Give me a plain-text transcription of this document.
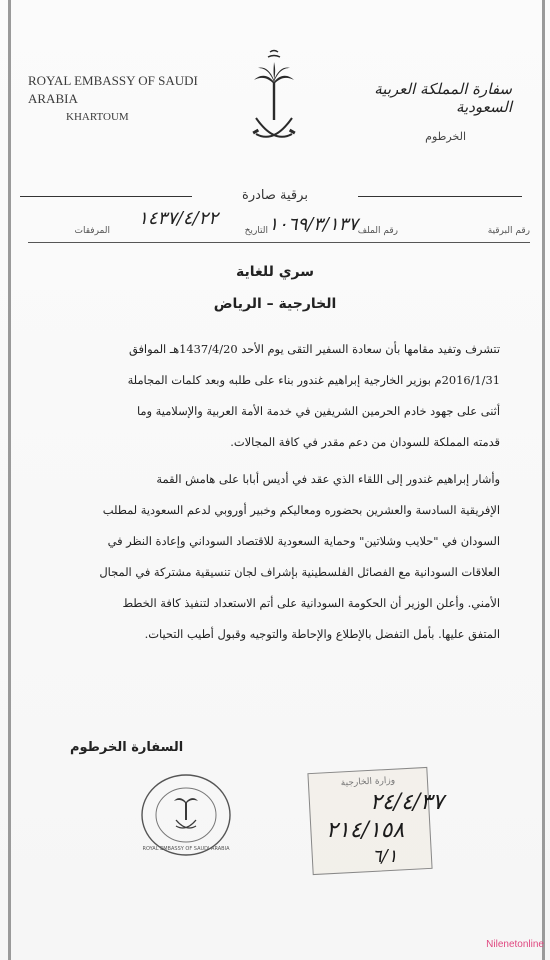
ROYAL EMBASSY OF SAUDI ARABIA
KHARTOUM
سفارة المملكة العربية السعودية
الخرطوم
برقية صادرة
رقم البرقية
١٠٦٩/٣/١٣٧ رقم الملف
التاريخ
١٤٣٧/٤/٢٢
المرفقات
سري للغاية
الخارجية – الرياض
تتشرف وتفيد مقامها بأن سعادة السفير التقى يوم الأحد 1437/4/20هـ الموافق
2016/1/31م بوزير الخارجية إبراهيم غندور بناء على طلبه وبعد كلمات المجاملة
أثنى على جهود خادم الحرمين الشريفين في خدمة الأمة العربية والإسلامية وما
قدمته المملكة للسودان من دعم مقدر في كافة المجالات.
وأشار إبراهيم غندور إلى اللقاء الذي عقد في أديس أبابا على هامش القمة
الإفريقية السادسة والعشرين بحضوره ومعاليكم وخبير أوروبي لدعم السعودية لمطلب
السودان في "حلايب وشلاتين" وحماية السعودية للاقتصاد السوداني وإعادة النظر في
العلاقات السودانية مع الفصائل الفلسطينية بإشراف لجان تنسيقية مشتركة في المجال
الأمني. وأعلن الوزير أن الحكومة السودانية على أتم الاستعداد لتنفيذ كافة الخطط
المتفق عليها. بأمل التفضل بالإطلاع والإحاطة والتوجيه وقبول أطيب التحيات.
السفارة الخرطوم
ROYAL EMBASSY OF SAUDI ARABIA
وزارة الخارجية
٢٤/٤/٣٧
٢١٤/١٥٨
٦/١
Nilenetonline
